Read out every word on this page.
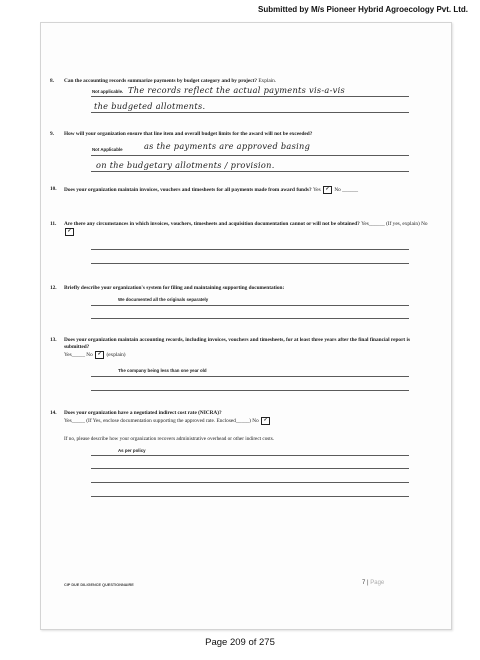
Submitted by M/s Pioneer Hybrid Agroecology Pvt. Ltd.
8. Can the accounting records summarize payments by budget category and by project? Explain.
Not applicable. The records reflect the actual payments vis-a-vis
the budgeted allotments.
9. How will your organization ensure that line item and overall budget limits for the award will not be exceeded?
Not Applicable	as the payments are approved basing
on the budgetary allotments / provision.
10. Does your organization maintain invoices, vouchers and timesheets for all payments made from award funds? Yes ✓ No ______
11. Are there any circumstances in which invoices, vouchers, timesheets and acquisition documentation cannot or will not be obtained? Yes______ (If yes, explain) No ✓
12. Briefly describe your organization's system for filing and maintaining supporting documentation:
We documented all the originals separately
13. Does your organization maintain accounting records, including invoices, vouchers and timesheets, for at least three years after the final financial report is submitted?
Yes_____ No ✓ (explain)
The company being less than one year old
14. Does your organization have a negotiated indirect cost rate (NICRA)?
Yes_____ (If Yes, enclose documentation supporting the approved rate. Enclosed_____) No ✓
If no, please describe how your organization recovers administrative overhead or other indirect costs.
As per policy
CIP DUE DILIGENCE QUESTIONNAIRE	7 | Page
Page 209 of 275
